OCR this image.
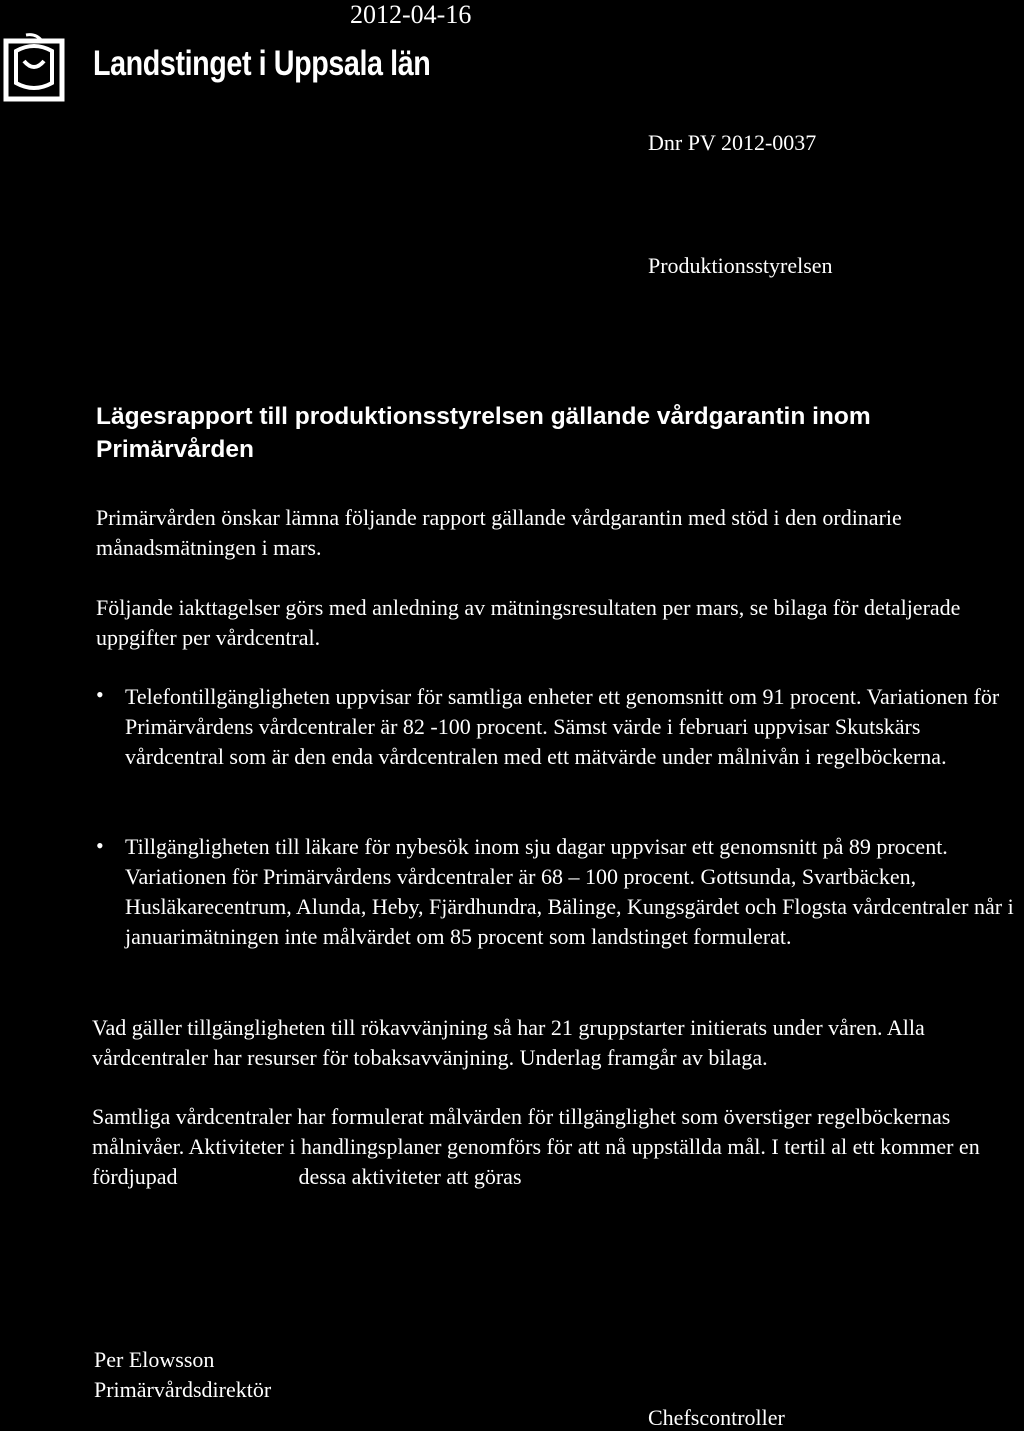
Landstinget i Uppsala län
2012-04-16
Dnr PV 2012-0037
Produktionsstyrelsen
Lägesrapport till produktionsstyrelsen gällande vårdgarantin inom Primärvården
Primärvården önskar lämna följande rapport gällande vårdgarantin med stöd i den ordinarie månadsmätningen i mars.
Följande iakttagelser görs med anledning av mätningsresultaten per mars, se bilaga för detaljerade uppgifter per vårdcentral.
• Telefontillgängligheten uppvisar för samtliga enheter ett genomsnitt om 91 procent. Variationen för Primärvårdens vårdcentraler är 82 -100 procent. Sämst värde i februari uppvisar Skutskärs vårdcentral som är den enda vårdcentralen med ett mätvärde under målnivån i regelböckerna.
• Tillgängligheten till läkare för nybesök inom sju dagar uppvisar ett genomsnitt på 89 procent. Variationen för Primärvårdens vårdcentraler är 68 – 100 procent. Gottsunda, Svartbäcken, Husläkarecentrum, Alunda, Heby, Fjärdhundra, Bälinge, Kungsgärdet och Flogsta vårdcentraler når i januarimätningen inte målvärdet om 85 procent som landstinget formulerat.
Vad gäller tillgängligheten till rökavvänjning så har 21 gruppstarter initierats under våren. Alla vårdcentraler har resurser för tobaksavvänjning. Underlag framgår av bilaga.
Samtliga vårdcentraler har formulerat målvärden för tillgänglighet som överstiger regelböckernas målnivåer. Aktiviteter i handlingsplaner genomförs för att nå uppställda mål. I tertil al ett kommer en fördjupad                      dessa aktiviteter att göras
Per Elowsson
Primärvårdsdirektör
Chefscontroller
